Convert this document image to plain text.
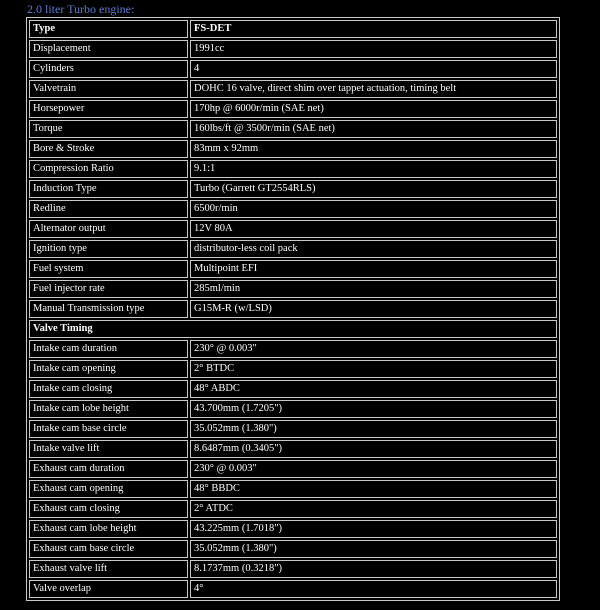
2.0 liter Turbo engine:
Type	FS-DET
Displacement	1991cc
Cylinders	4
Valvetrain	DOHC 16 valve, direct shim over tappet actuation, timing belt
Horsepower	170hp @ 6000r/min (SAE net)
Torque	160lbs/ft @ 3500r/min (SAE net)
Bore & Stroke	83mm x 92mm
Compression Ratio	9.1:1
Induction Type	Turbo (Garrett GT2554RLS)
Redline	6500r/min
Alternator output	12V 80A
Ignition type	distributor-less coil pack
Fuel system	Multipoint EFI
Fuel injector rate	285ml/min
Manual Transmission type	G15M-R (w/LSD)
Valve Timing	
Intake cam duration	230° @ 0.003"
Intake cam opening	2° BTDC
Intake cam closing	48° ABDC
Intake cam lobe height	43.700mm (1.7205")
Intake cam base circle	35.052mm (1.380")
Intake valve lift	8.6487mm (0.3405")
Exhaust cam duration	230° @ 0.003"
Exhaust cam opening	48° BBDC
Exhaust cam closing	2° ATDC
Exhaust cam lobe height	43.225mm (1.7018")
Exhaust cam base circle	35.052mm (1.380")
Exhaust valve lift	8.1737mm (0.3218")
Valve overlap	4°
